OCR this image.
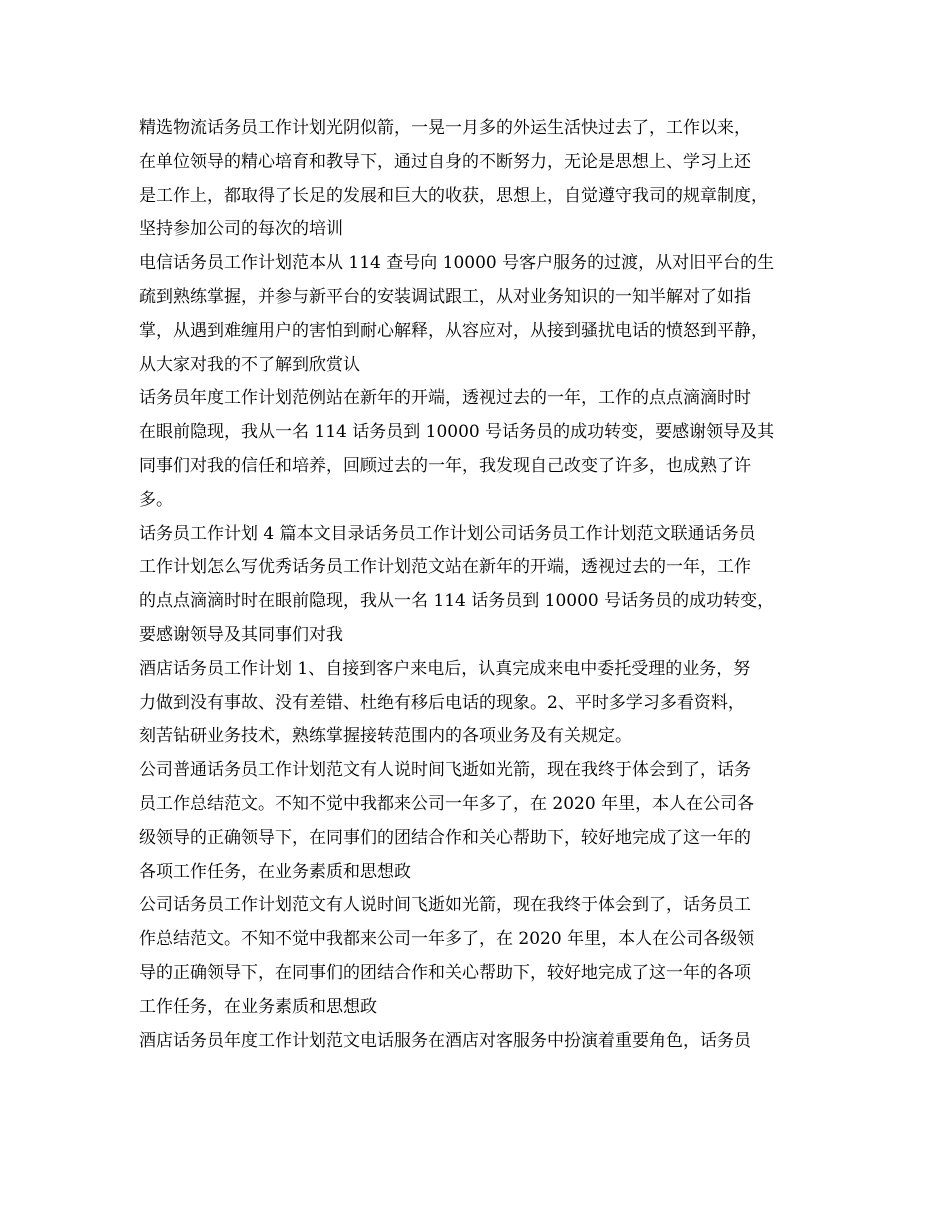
精选物流话务员工作计划光阴似箭，一晃一月多的外运生活快过去了，工作以来，
在单位领导的精心培育和教导下，通过自身的不断努力，无论是思想上、学习上还
是工作上，都取得了长足的发展和巨大的收获，思想上，自觉遵守我司的规章制度，
坚持参加公司的每次的培训
电信话务员工作计划范本从 114 查号向 10000 号客户服务的过渡，从对旧平台的生
疏到熟练掌握，并参与新平台的安装调试跟工，从对业务知识的一知半解对了如指
掌，从遇到难缠用户的害怕到耐心解释，从容应对，从接到骚扰电话的愤怒到平静，
从大家对我的不了解到欣赏认
话务员年度工作计划范例站在新年的开端，透视过去的一年，工作的点点滴滴时时
在眼前隐现，我从一名 114 话务员到 10000 号话务员的成功转变，要感谢领导及其
同事们对我的信任和培养，回顾过去的一年，我发现自己改变了许多，也成熟了许
多。
话务员工作计划 4 篇本文目录话务员工作计划公司话务员工作计划范文联通话务员
工作计划怎么写优秀话务员工作计划范文站在新年的开端，透视过去的一年，工作
的点点滴滴时时在眼前隐现，我从一名 114 话务员到 10000 号话务员的成功转变，
要感谢领导及其同事们对我
酒店话务员工作计划 1、自接到客户来电后，认真完成来电中委托受理的业务，努
力做到没有事故、没有差错、杜绝有移后电话的现象。2、平时多学习多看资料，
刻苦钻研业务技术，熟练掌握接转范围内的各项业务及有关规定。
公司普通话务员工作计划范文有人说时间飞逝如光箭，现在我终于体会到了，话务
员工作总结范文。不知不觉中我都来公司一年多了，在 2020 年里，本人在公司各
级领导的正确领导下，在同事们的团结合作和关心帮助下，较好地完成了这一年的
各项工作任务，在业务素质和思想政
公司话务员工作计划范文有人说时间飞逝如光箭，现在我终于体会到了，话务员工
作总结范文。不知不觉中我都来公司一年多了，在 2020 年里，本人在公司各级领
导的正确领导下，在同事们的团结合作和关心帮助下，较好地完成了这一年的各项
工作任务，在业务素质和思想政
酒店话务员年度工作计划范文电话服务在酒店对客服务中扮演着重要角色，话务员
